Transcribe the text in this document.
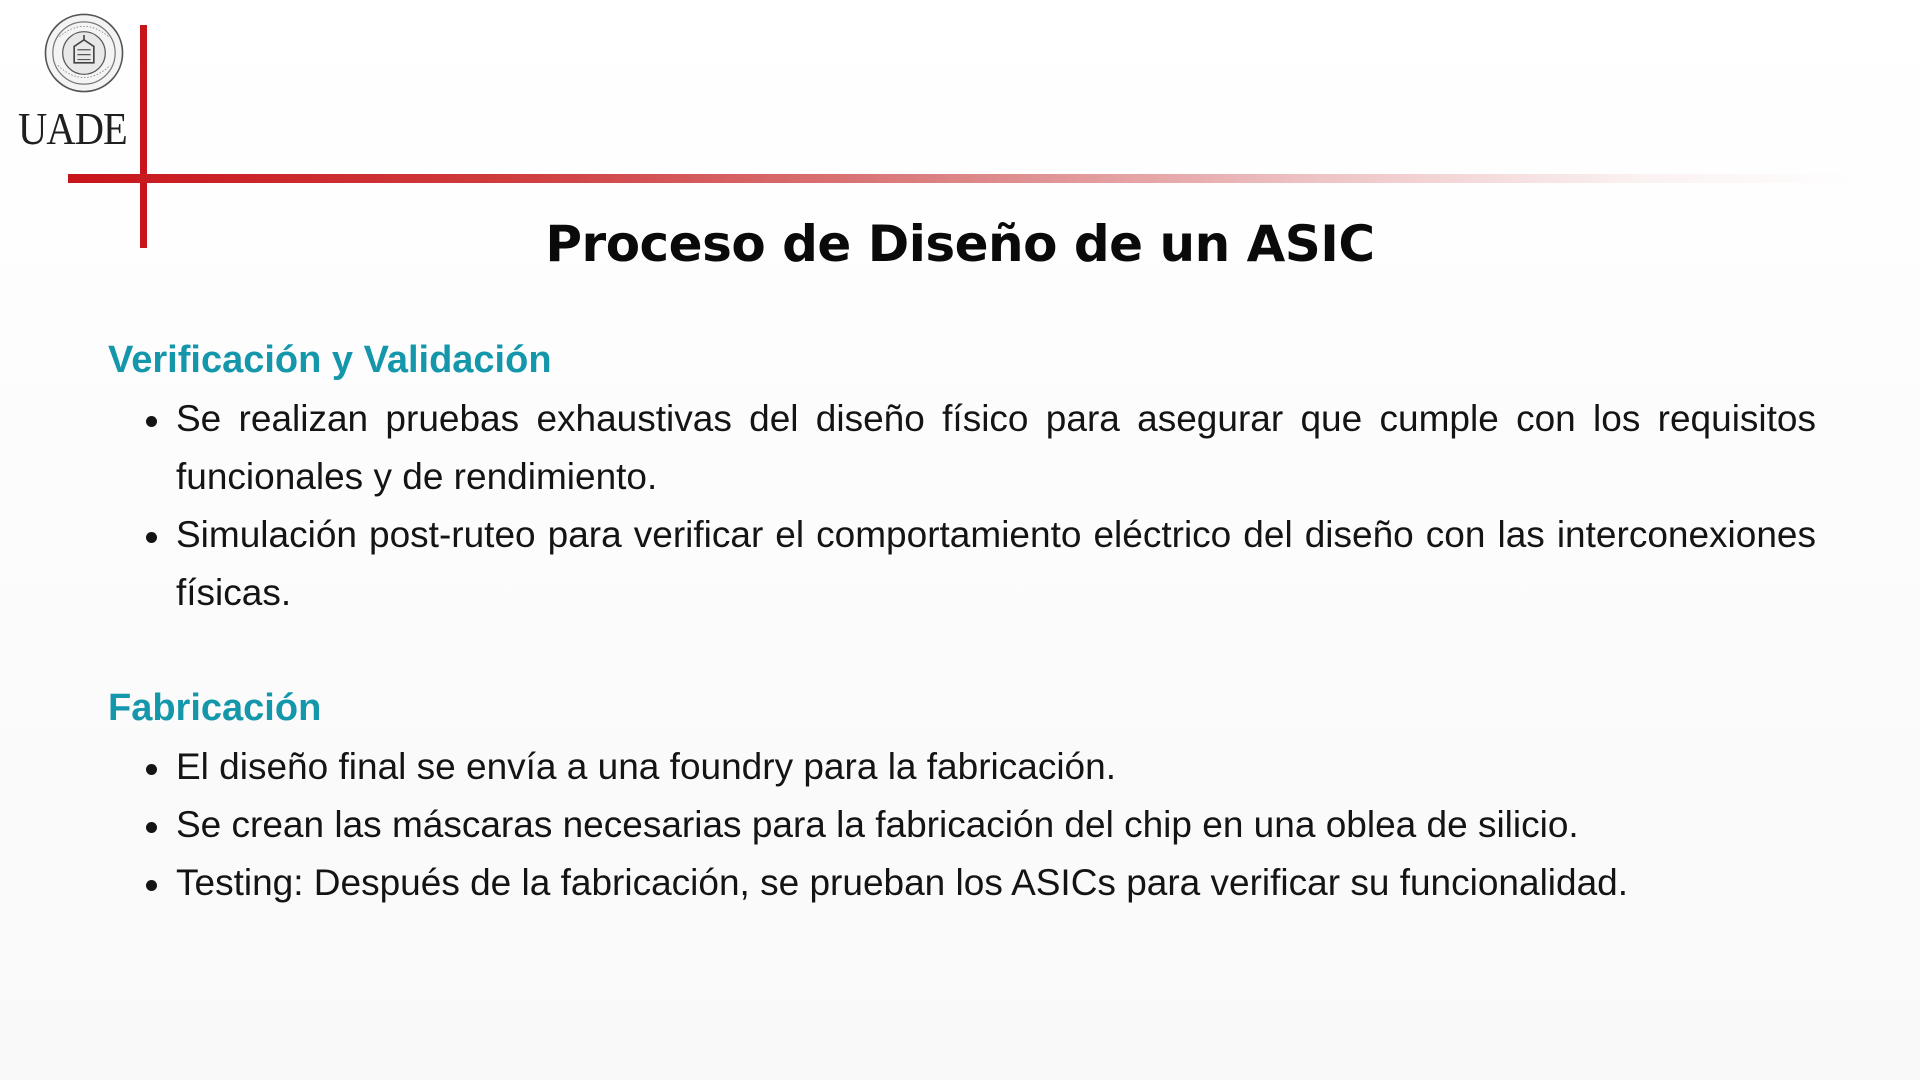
UADE
Proceso de Diseño de un ASIC
Verificación y Validación
Se realizan pruebas exhaustivas del diseño físico para asegurar que cumple con los requisitos funcionales y de rendimiento.
Simulación post-ruteo para verificar el comportamiento eléctrico del diseño con las interconexiones físicas.
Fabricación
El diseño final se envía a una foundry para la fabricación.
Se crean las máscaras necesarias para la fabricación del chip en una oblea de silicio.
Testing: Después de la fabricación, se prueban los ASICs para verificar su funcionalidad.
